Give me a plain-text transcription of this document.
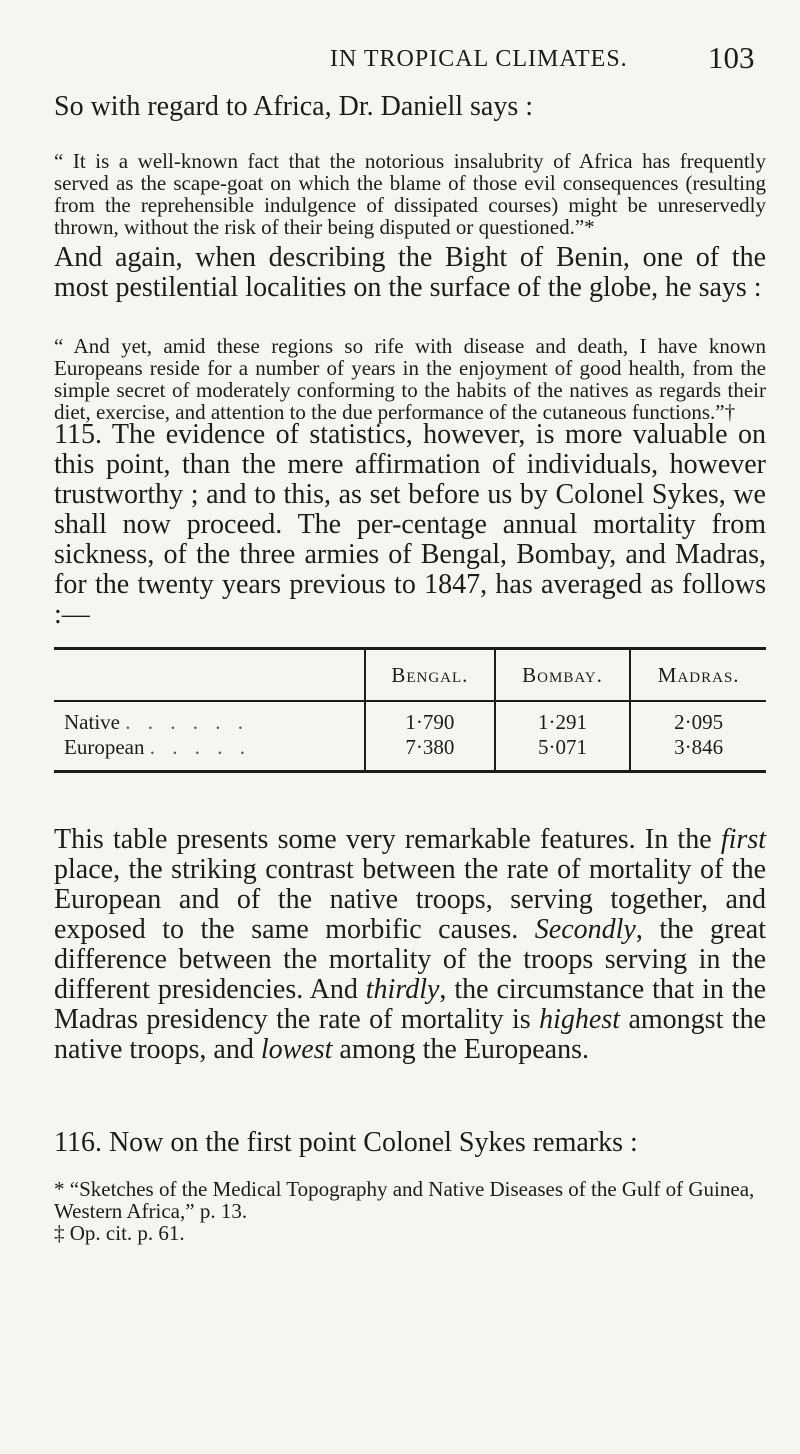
IN TROPICAL CLIMATES.	103

So with regard to Africa, Dr. Daniell says :

“ It is a well-known fact that the notorious insalubrity of Africa has frequently served as the scape-goat on which the blame of those evil consequences (resulting from the reprehensible indulgence of dissipated courses) might be unreservedly thrown, without the risk of their being disputed or questioned.”*

And again, when describing the Bight of Benin, one of the most pestilential localities on the surface of the globe, he says :

“ And yet, amid these regions so rife with disease and death, I have known Europeans reside for a number of years in the enjoyment of good health, from the simple secret of moderately conforming to the habits of the natives as regards their diet, exercise, and attention to the due performance of the cutaneous functions.”†

115. The evidence of statistics, however, is more valuable on this point, than the mere affirmation of individuals, however trustworthy ; and to this, as set before us by Colonel Sykes, we shall now proceed. The per-centage annual mortality from sickness, of the three armies of Bengal, Bombay, and Madras, for the twenty years previous to 1847, has averaged as follows :—

	Bengal.	Bombay.	Madras.
Native . . . . . .	1·790	1·291	2·095
European . . . . .	7·380	5·071	3·846

This table presents some very remarkable features. In the first place, the striking contrast between the rate of mortality of the European and of the native troops, serving together, and exposed to the same morbific causes. Secondly, the great difference between the mortality of the troops serving in the different presidencies. And thirdly, the circumstance that in the Madras presidency the rate of mortality is highest amongst the native troops, and lowest among the Europeans.

116. Now on the first point Colonel Sykes remarks :

* “Sketches of the Medical Topography and Native Diseases of the Gulf of Guinea, Western Africa,” p. 13.

‡ Op. cit. p. 61.
